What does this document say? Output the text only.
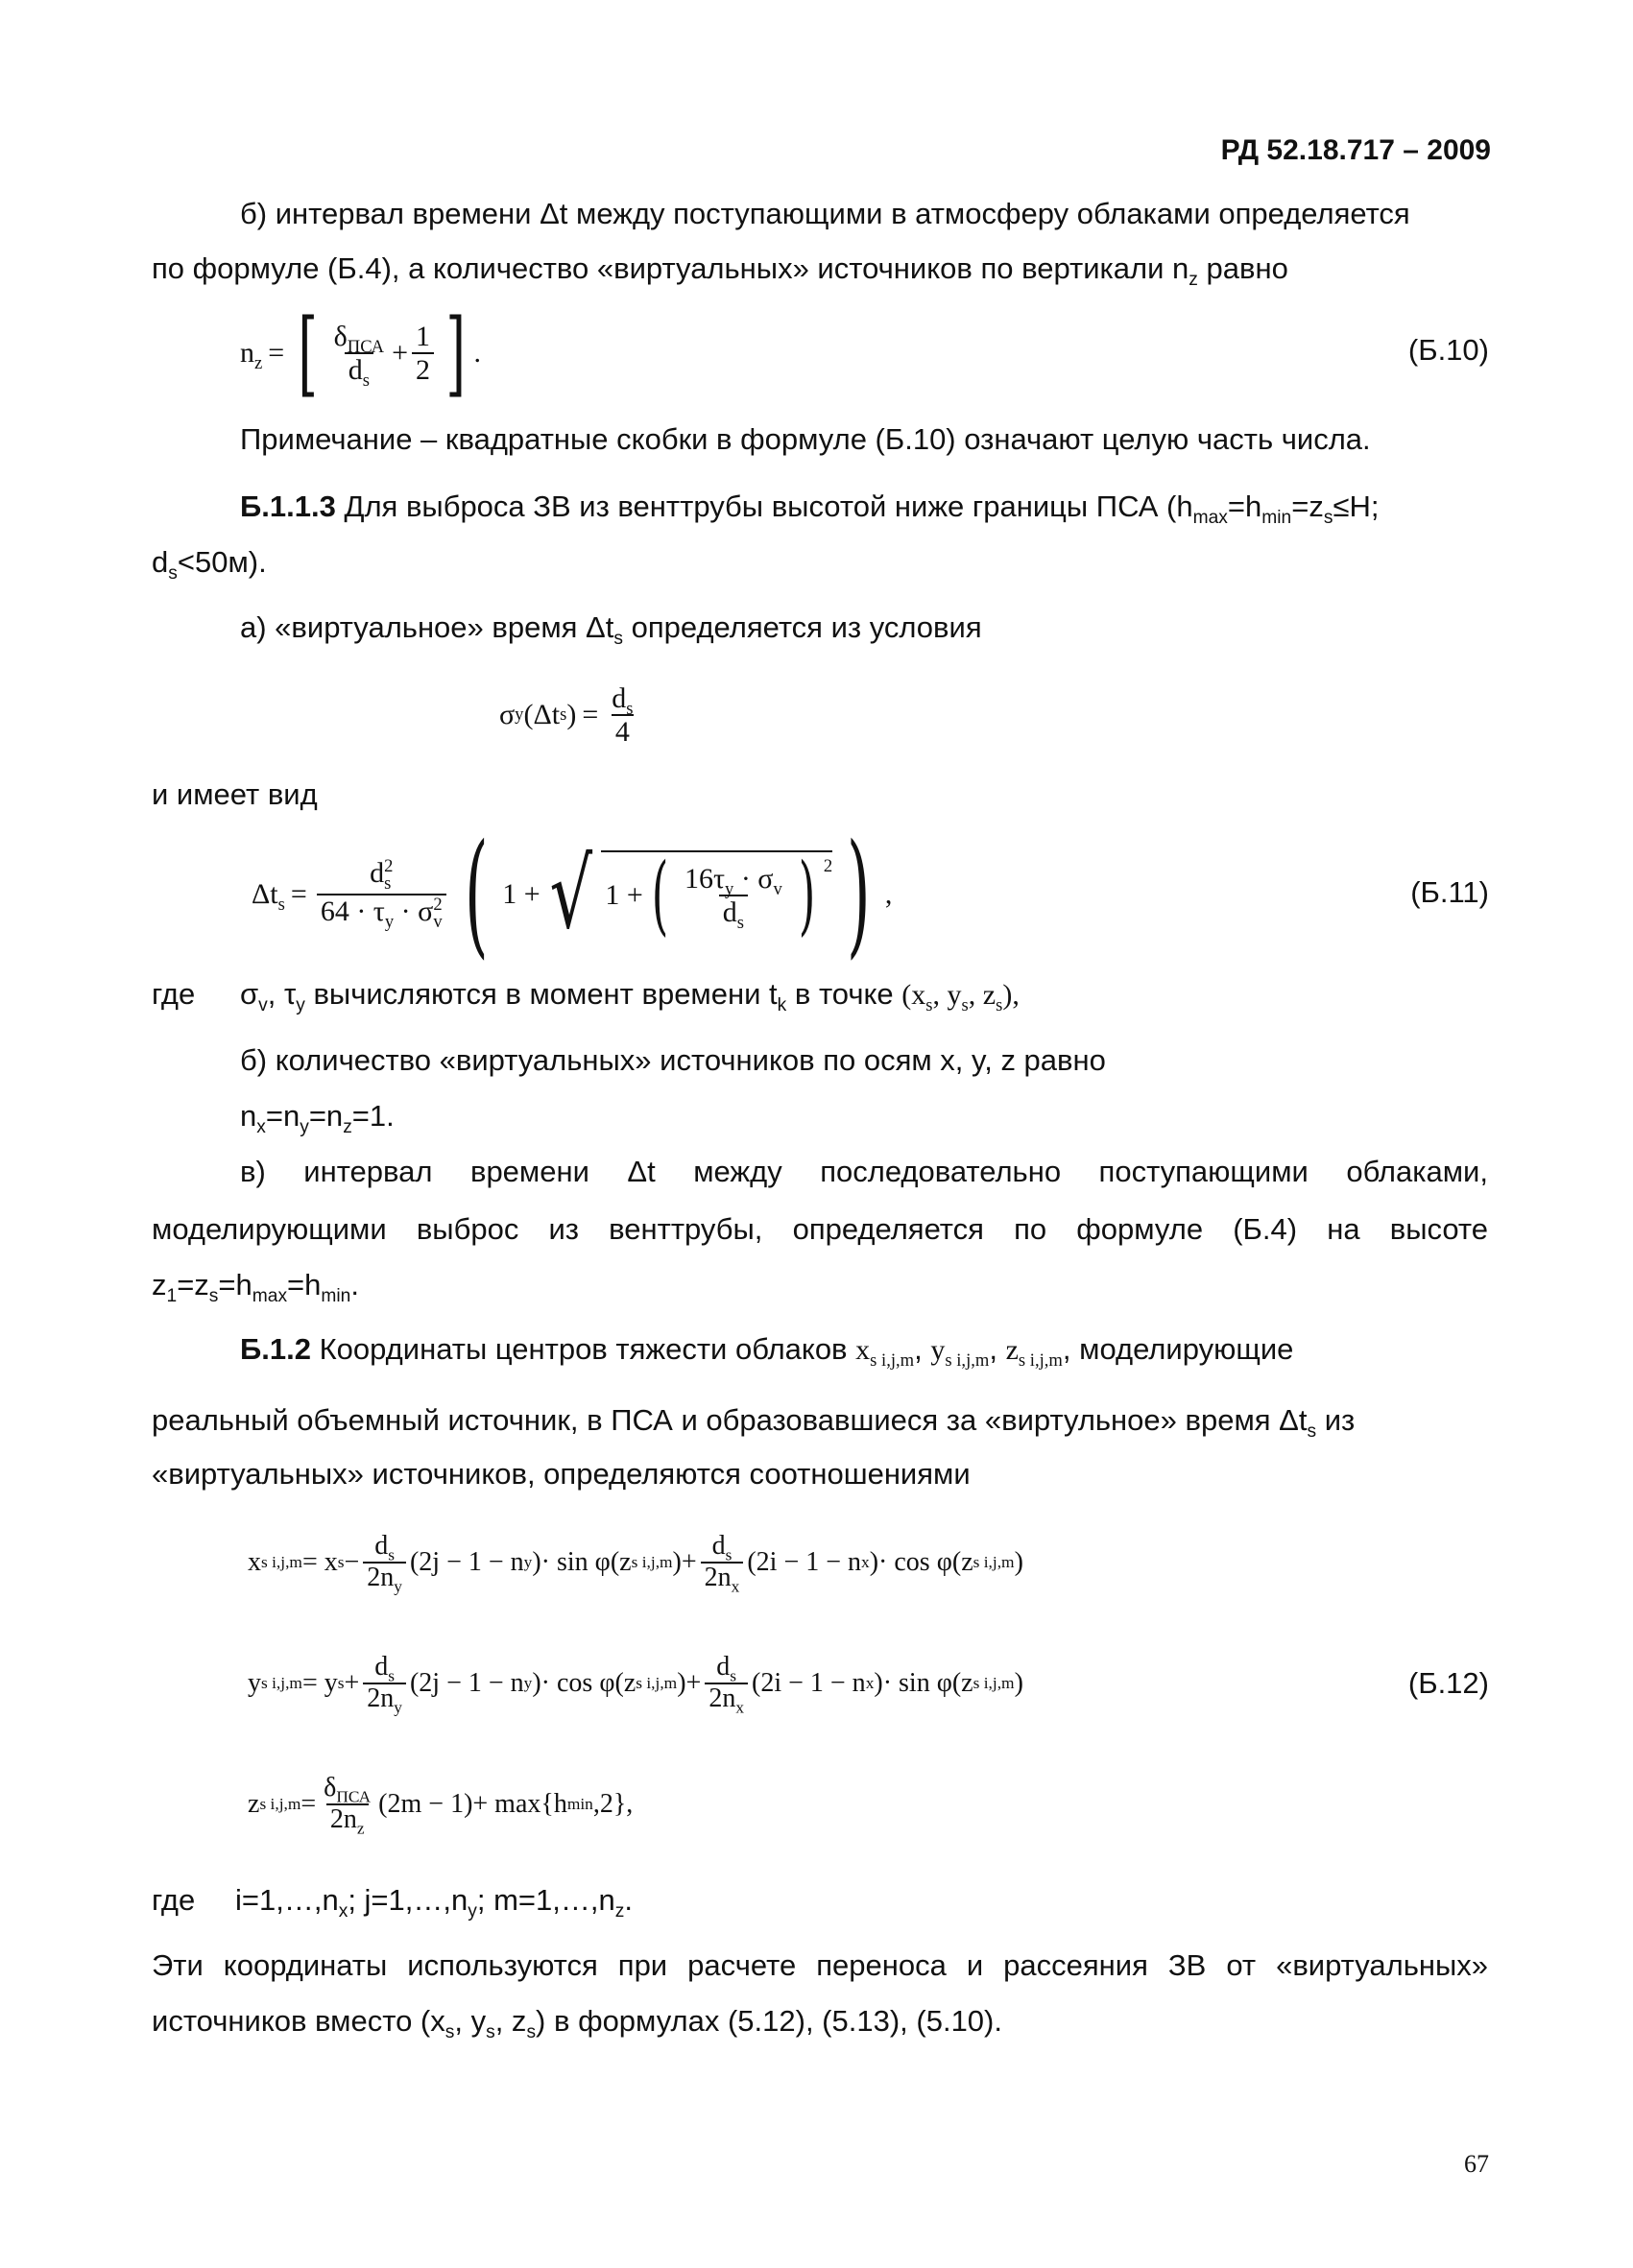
РД 52.18.717 – 2009
б) интервал времени Δt между поступающими в атмосферу облаками определяется
по формуле (Б.4), а количество «виртуальных» источников по вертикали $n_z$ равно
$n_z$ = [ $\frac{\delta_{ПСА}}{d_s} + \frac{1}{2}$ ] .	(Б.10)
Примечание – квадратные скобки в формуле (Б.10) означают целую часть числа.
Б.1.1.3 Для выброса ЗВ из венттрубы высотой ниже границы ПСА ($h_{max}=h_{min}=z_s\le H$;
$d_s<50м$).
а) «виртуальное» время $\Delta t_s$ определяется из условия
σ y (Δt s ) = $\frac{d_s}{4}$
и имеет вид
$\Delta t_s = d$ 2
s
$64 \cdot \tau_y \cdot \sigma$ 2
v ( 1 + √ 1 + ( $\frac{16\tau_y \cdot \sigma_v}{d_s}$ ) $^2$ ) ,	(Б.11)
где $\sigma_v$, $\tau_y$ вычисляются в момент времени $t_k$ в точке ($x_s$, $y_s$, $z_s$),
б) количество «виртуальных» источников по осям x, y, z равно
$n_x=n_y=n_z=1$.
в) интервал времени Δt между последовательно поступающими облаками,
моделирующими выброс из венттрубы, определяется по формуле (Б.4) на высоте
$z_1=z_s=h_{max}=h_{min}$.
Б.1.2 Координаты центров тяжести облаков $x_{s i,j,m}$, $y_{s i,j,m}$, $z_{s i,j,m}$, моделирующие
реальный объемный источник, в ПСА и образовавшиеся за «виртульное» время $\Delta t_s$ из
«виртуальных» источников, определяются соотношениями
x s i,j,m = x $s - \frac{d_s}{2n_y} (2j - 1 - n$ y )· sin φ(z s i,j,m )+ $\frac{d_s}{2n_x} (2i - 1 - n$ x )· cos φ(z s i,j,m )
y s i,j,m = y $s + \frac{d_s}{2n_y} (2j - 1 - n$ y )· cos φ(z s i,j,m )+ $\frac{d_s}{2n_x} (2i - 1 - n$ x )· sin φ(z s i,j,m )	(Б.12)
z s $i,j,m = \frac{\delta_{ПСА}}{2n_z} (2m - 1)+ \max\{h$ min ,2},
где $i=1,\dots,n_x$; $j=1,\dots,n_y$; $m=1,\dots,n_z$.
Эти координаты используются при расчете переноса и рассеяния ЗВ от «виртуальных»
источников вместо ($x_s$, $y_s$, $z_s$) в формулах (5.12), (5.13), (5.10).
67
